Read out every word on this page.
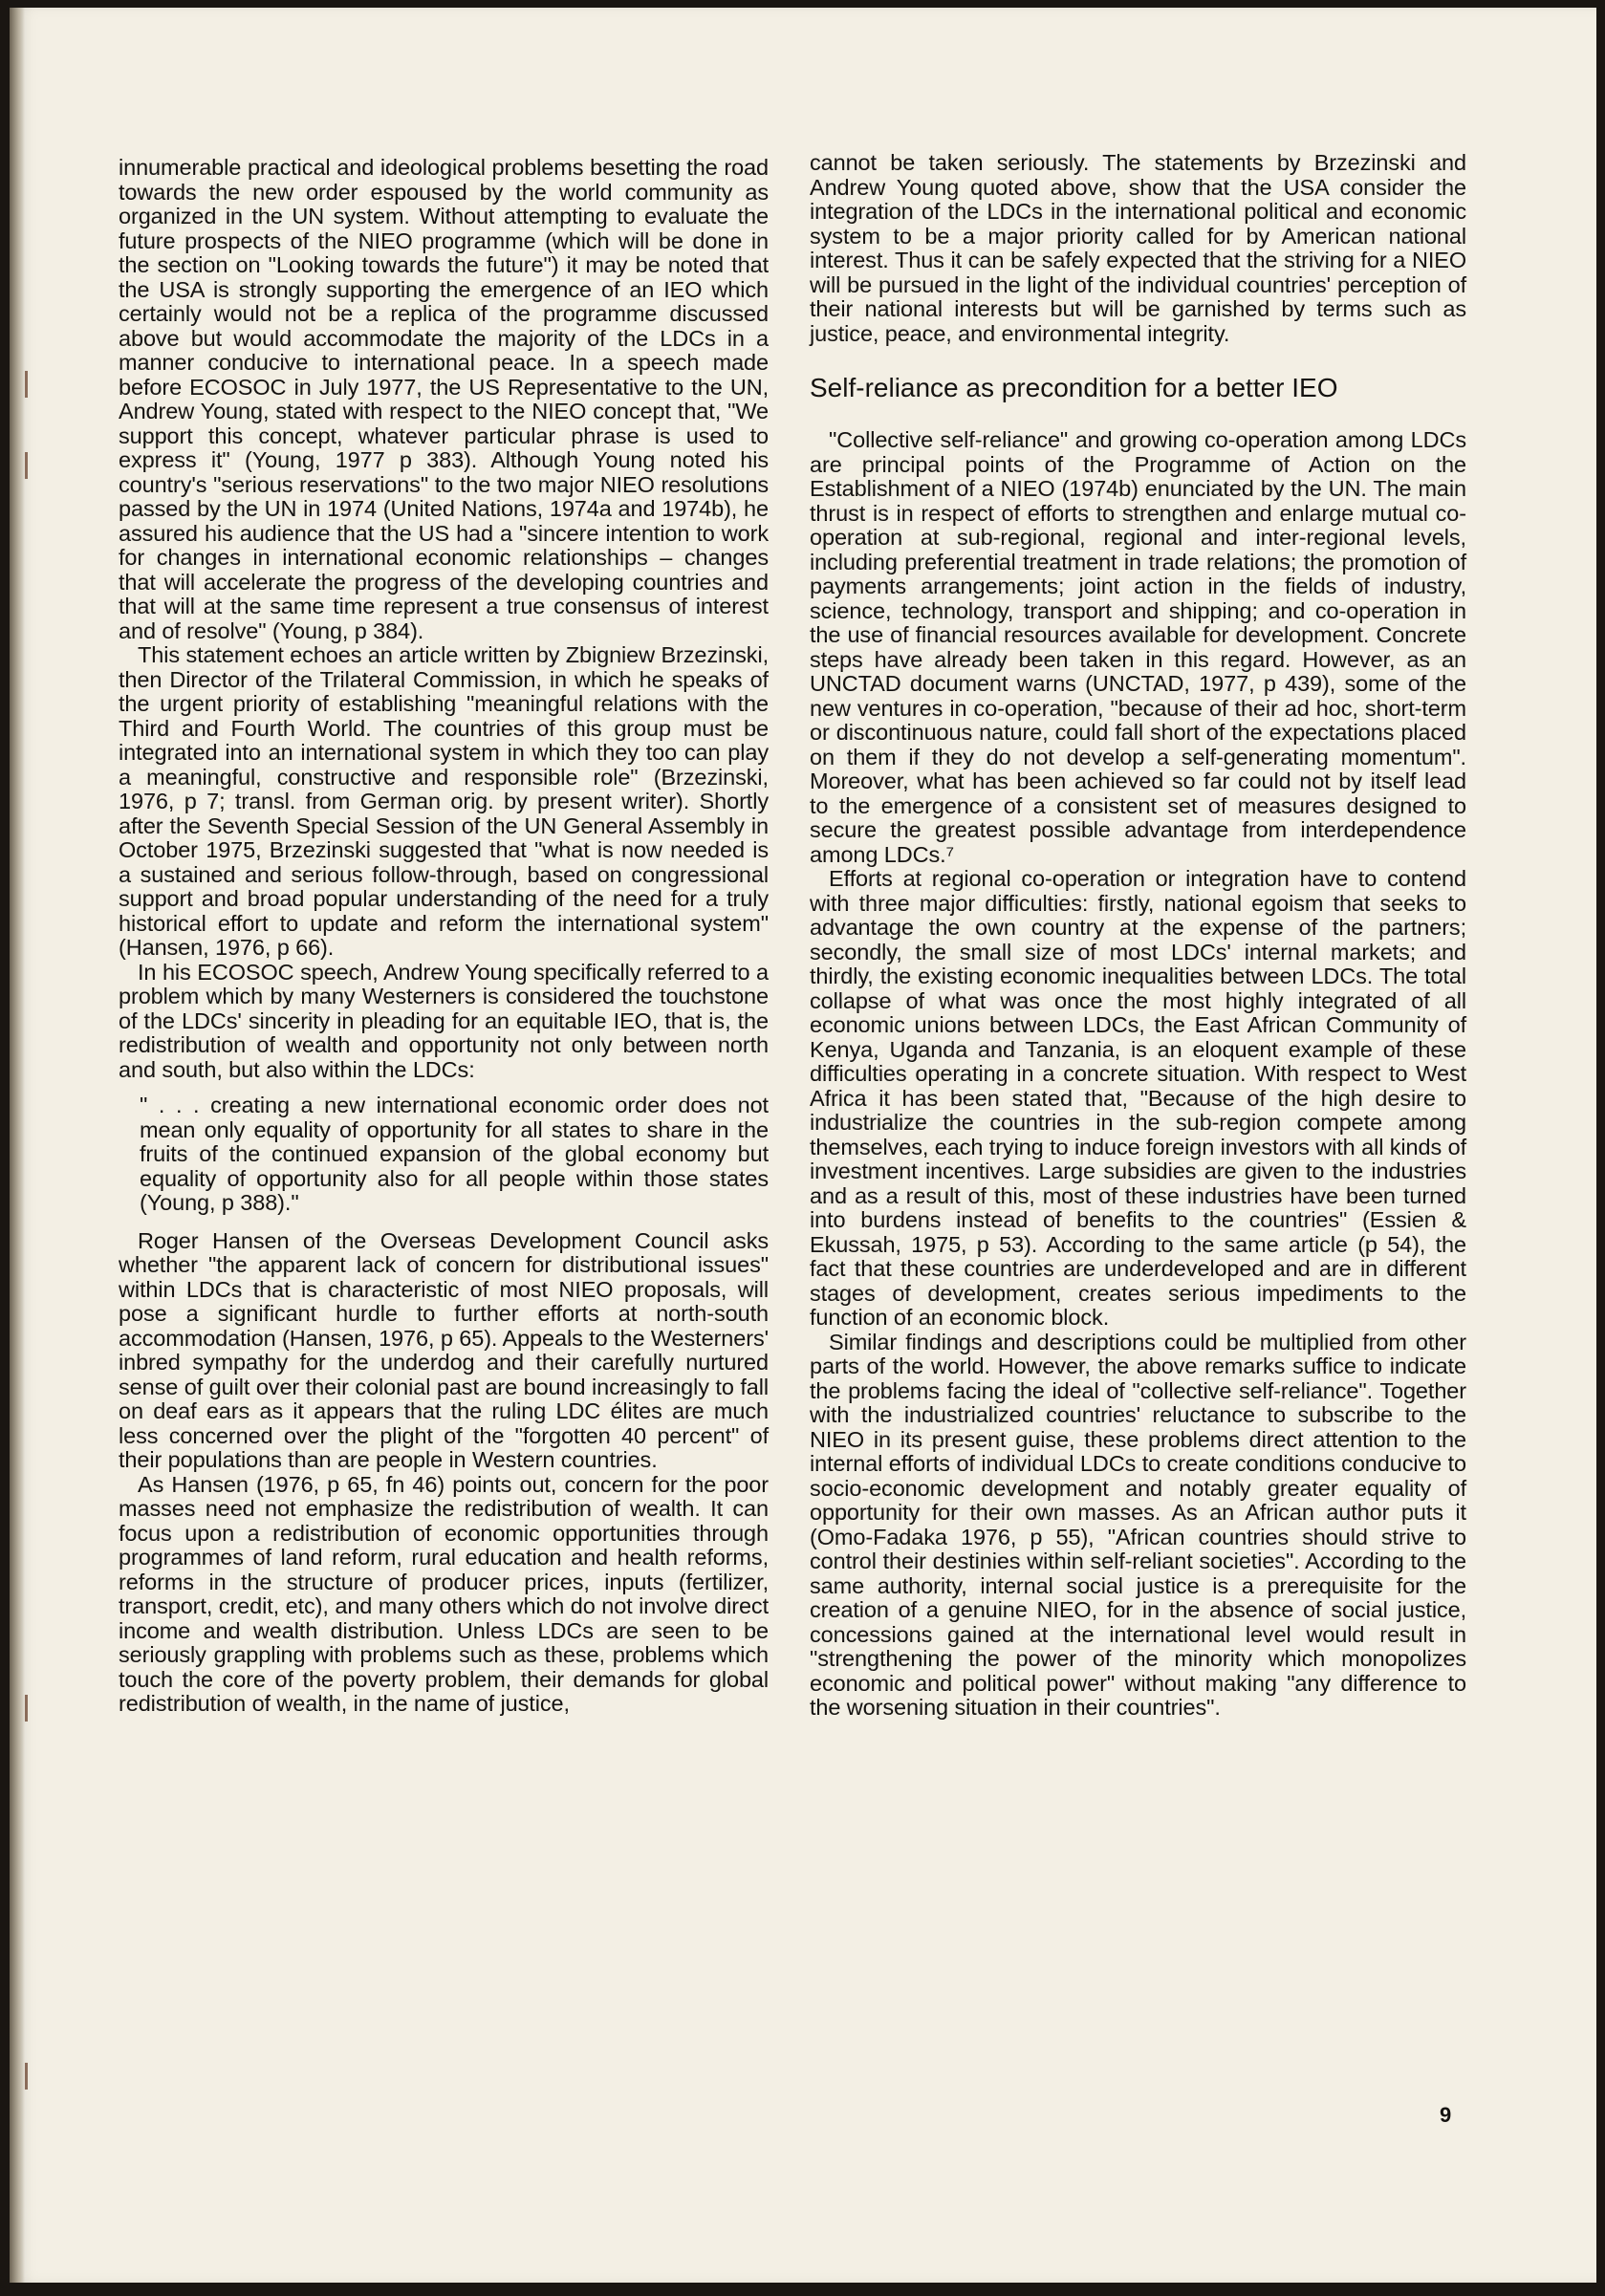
innumerable practical and ideological problems besetting the road towards the new order espoused by the world community as organized in the UN system. Without attempting to evaluate the future prospects of the NIEO programme (which will be done in the section on "Looking towards the future") it may be noted that the USA is strongly supporting the emergence of an IEO which certainly would not be a replica of the programme discussed above but would accommodate the majority of the LDCs in a manner conducive to international peace. In a speech made before ECOSOC in July 1977, the US Representative to the UN, Andrew Young, stated with respect to the NIEO concept that, "We support this concept, whatever particular phrase is used to express it" (Young, 1977 p 383). Although Young noted his country's "serious reservations" to the two major NIEO resolutions passed by the UN in 1974 (United Nations, 1974a and 1974b), he assured his audience that the US had a "sincere intention to work for changes in international economic relationships – changes that will accelerate the progress of the developing countries and that will at the same time represent a true consensus of interest and of resolve" (Young, p 384).

This statement echoes an article written by Zbigniew Brzezinski, then Director of the Trilateral Commission, in which he speaks of the urgent priority of establishing "meaningful relations with the Third and Fourth World. The countries of this group must be integrated into an international system in which they too can play a meaningful, constructive and responsible role" (Brzezinski, 1976, p 7; transl. from German orig. by present writer). Shortly after the Seventh Special Session of the UN General Assembly in October 1975, Brzezinski suggested that "what is now needed is a sustained and serious follow-through, based on congressional support and broad popular understanding of the need for a truly historical effort to update and reform the international system" (Hansen, 1976, p 66).

In his ECOSOC speech, Andrew Young specifically referred to a problem which by many Westerners is considered the touchstone of the LDCs' sincerity in pleading for an equitable IEO, that is, the redistribution of wealth and opportunity not only between north and south, but also within the LDCs:

" . . . creating a new international economic order does not mean only equality of opportunity for all states to share in the fruits of the continued expansion of the global economy but equality of opportunity also for all people within those states (Young, p 388)."

Roger Hansen of the Overseas Development Council asks whether "the apparent lack of concern for distributional issues" within LDCs that is characteristic of most NIEO proposals, will pose a significant hurdle to further efforts at north-south accommodation (Hansen, 1976, p 65). Appeals to the Westerners' inbred sympathy for the underdog and their carefully nurtured sense of guilt over their colonial past are bound increasingly to fall on deaf ears as it appears that the ruling LDC élites are much less concerned over the plight of the "forgotten 40 percent" of their populations than are people in Western countries.

As Hansen (1976, p 65, fn 46) points out, concern for the poor masses need not emphasize the redistribution of wealth. It can focus upon a redistribution of economic opportunities through programmes of land reform, rural education and health reforms, reforms in the structure of producer prices, inputs (fertilizer, transport, credit, etc), and many others which do not involve direct income and wealth distribution. Unless LDCs are seen to be seriously grappling with problems such as these, problems which touch the core of the poverty problem, their demands for global redistribution of wealth, in the name of justice,

cannot be taken seriously. The statements by Brzezinski and Andrew Young quoted above, show that the USA consider the integration of the LDCs in the international political and economic system to be a major priority called for by American national interest. Thus it can be safely expected that the striving for a NIEO will be pursued in the light of the individual countries' perception of their national interests but will be garnished by terms such as justice, peace, and environmental integrity.

Self-reliance as precondition for a better IEO

"Collective self-reliance" and growing co-operation among LDCs are principal points of the Programme of Action on the Establishment of a NIEO (1974b) enunciated by the UN. The main thrust is in respect of efforts to strengthen and enlarge mutual co-operation at sub-regional, regional and inter-regional levels, including preferential treatment in trade relations; the promotion of payments arrangements; joint action in the fields of industry, science, technology, transport and shipping; and co-operation in the use of financial resources available for development. Concrete steps have already been taken in this regard. However, as an UNCTAD document warns (UNCTAD, 1977, p 439), some of the new ventures in co-operation, "because of their ad hoc, short-term or discontinuous nature, could fall short of the expectations placed on them if they do not develop a self-generating momentum". Moreover, what has been achieved so far could not by itself lead to the emergence of a consistent set of measures designed to secure the greatest possible advantage from interdependence among LDCs.⁷

Efforts at regional co-operation or integration have to contend with three major difficulties: firstly, national egoism that seeks to advantage the own country at the expense of the partners; secondly, the small size of most LDCs' internal markets; and thirdly, the existing economic inequalities between LDCs. The total collapse of what was once the most highly integrated of all economic unions between LDCs, the East African Community of Kenya, Uganda and Tanzania, is an eloquent example of these difficulties operating in a concrete situation. With respect to West Africa it has been stated that, "Because of the high desire to industrialize the countries in the sub-region compete among themselves, each trying to induce foreign investors with all kinds of investment incentives. Large subsidies are given to the industries and as a result of this, most of these industries have been turned into burdens instead of benefits to the countries" (Essien & Ekussah, 1975, p 53). According to the same article (p 54), the fact that these countries are underdeveloped and are in different stages of development, creates serious impediments to the function of an economic block.

Similar findings and descriptions could be multiplied from other parts of the world. However, the above remarks suffice to indicate the problems facing the ideal of "collective self-reliance". Together with the industrialized countries' reluctance to subscribe to the NIEO in its present guise, these problems direct attention to the internal efforts of individual LDCs to create conditions conducive to socio-economic development and notably greater equality of opportunity for their own masses. As an African author puts it (Omo-Fadaka 1976, p 55), "African countries should strive to control their destinies within self-reliant societies". According to the same authority, internal social justice is a prerequisite for the creation of a genuine NIEO, for in the absence of social justice, concessions gained at the international level would result in "strengthening the power of the minority which monopolizes economic and political power" without making "any difference to the worsening situation in their countries".

9
